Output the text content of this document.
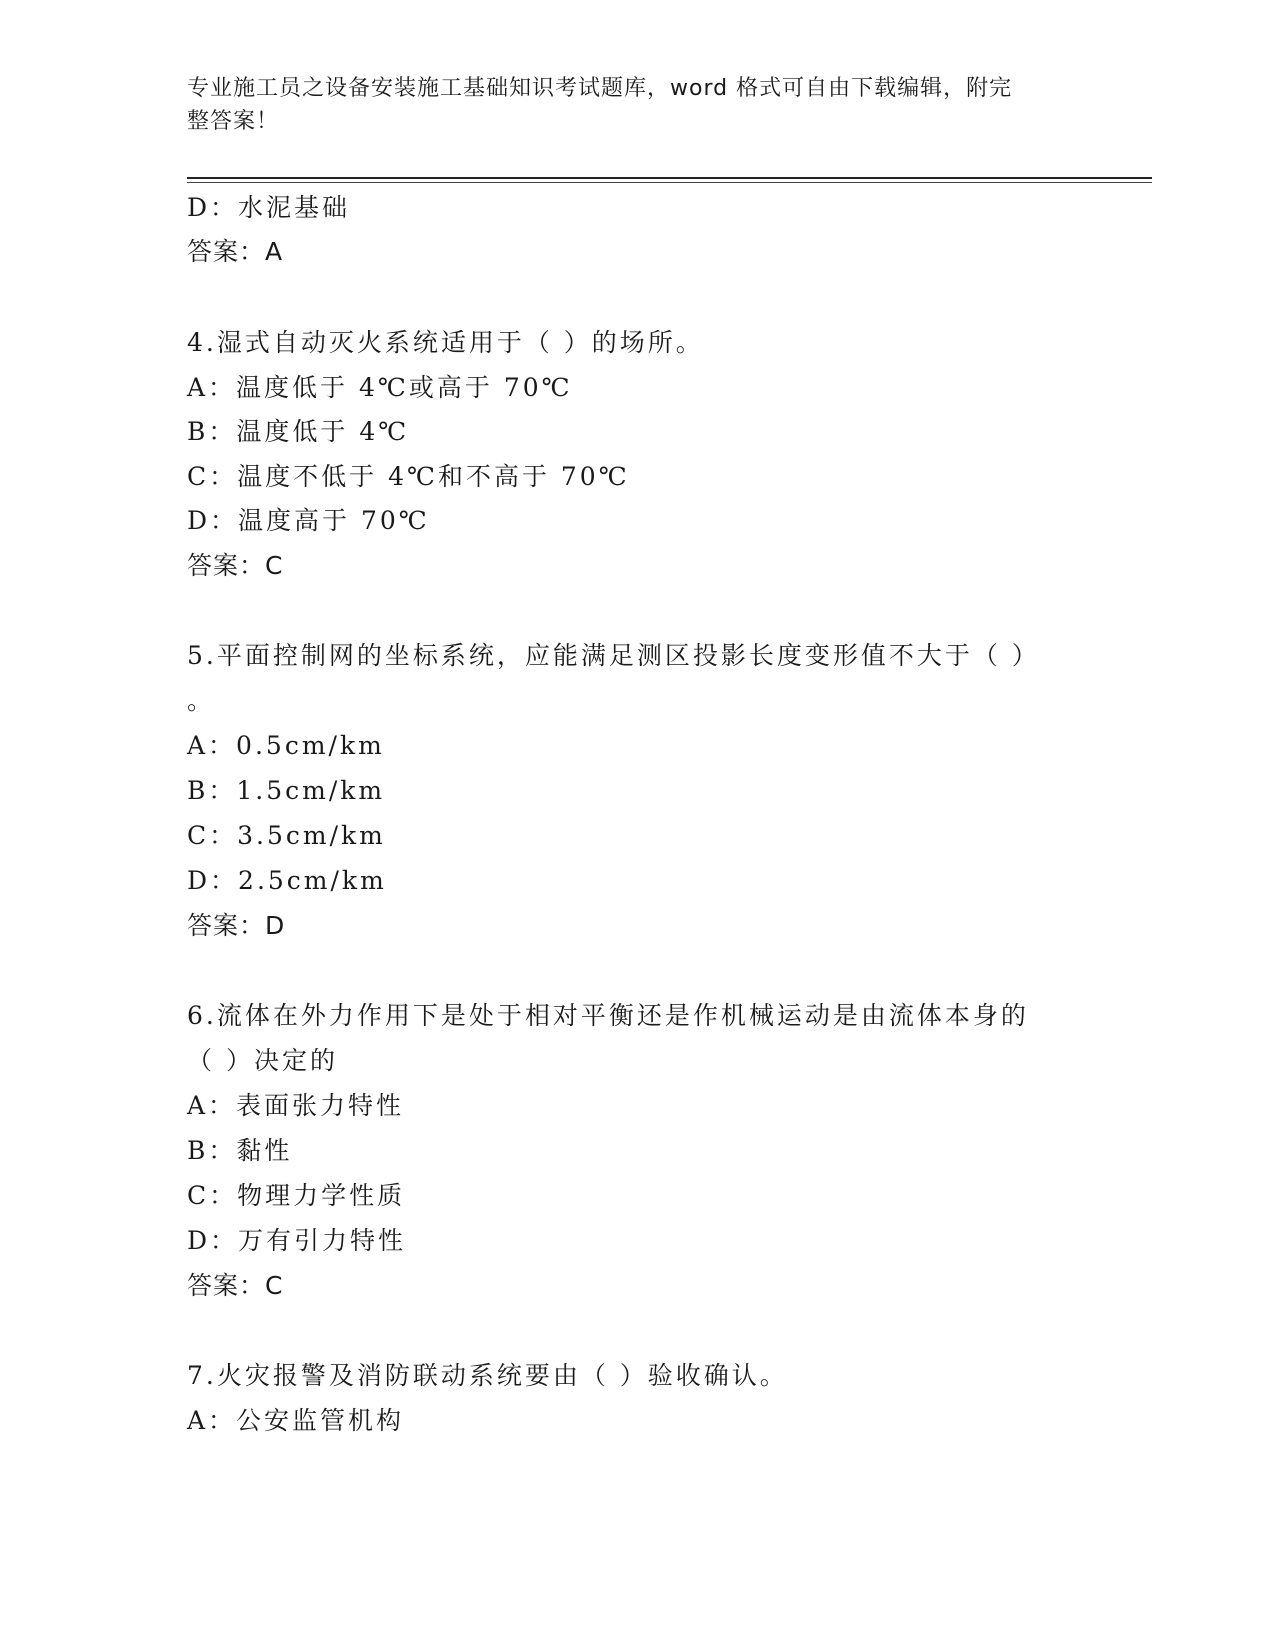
专业施工员之设备安装施工基础知识考试题库，word 格式可自由下载编辑，附完
整答案！
D：水泥基础
答案：A
4.湿式自动灭火系统适用于（ ）的场所。
A：温度低于 4℃或高于 70℃
B：温度低于 4℃
C：温度不低于 4℃和不高于 70℃
D：温度高于 70℃
答案：C
5.平面控制网的坐标系统，应能满足测区投影长度变形值不大于（ ）
。
A：0.5cm/km
B：1.5cm/km
C：3.5cm/km
D：2.5cm/km
答案：D
6.流体在外力作用下是处于相对平衡还是作机械运动是由流体本身的
（ ）决定的
A：表面张力特性
B：黏性
C：物理力学性质
D：万有引力特性
答案：C
7.火灾报警及消防联动系统要由（ ）验收确认。
A：公安监管机构
